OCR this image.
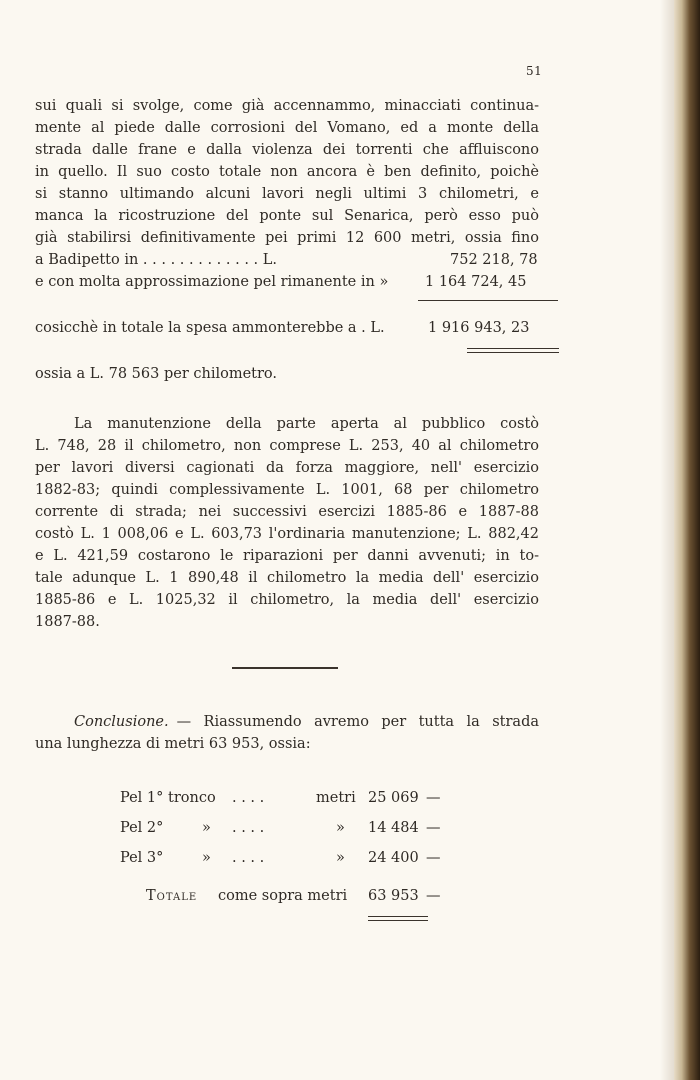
51

sui quali si svolge, come già accennammo, minacciati continua-

mente al piede dalle corrosioni del Vomano, ed a monte della

strada dalle frane e dalla violenza dei torrenti che affluiscono

in quello. Il suo costo totale non ancora è ben definito, poichè

si stanno ultimando alcuni lavori negli ultimi 3 chilometri, e

manca la ricostruzione del ponte sul Senarica, però esso può

già stabilirsi definitivamente pei primi 12 600 metri, ossia fino

a Badipetto in . . . . . . . . . . . . . L.	752 218, 78
e con molta approssimazione pel rimanente in »	1 164 724, 45
cosicchè in totale la spesa ammonterebbe a . L.	1 916 943, 23
ossia a L. 78 563 per chilometro.

La manutenzione della parte aperta al pubblico costò

L. 748, 28 il chilometro, non comprese L. 253, 40 al chilometro

per lavori diversi cagionati da forza maggiore, nell' esercizio

1882-83; quindi complessivamente L. 1001, 68 per chilometro

corrente di strada; nei successivi esercizi 1885-86 e 1887-88

costò L. 1 008,06 e L. 603,73 l'ordinaria manutenzione; L. 882,42

e L. 421,59 costarono le riparazioni per danni avvenuti; in to-

tale adunque L. 1 890,48 il chilometro la media dell' esercizio

1885-86 e L. 1025,32 il chilometro, la media dell' esercizio

1887-88.

Conclusione. — Riassumendo avremo per tutta la strada
una lunghezza di metri 63 953, ossia:
Pel 1° tronco . . . .	metri 25 069 —
Pel 2°	» . . . .	» 14 484 —
Pel 3°	» . . . .	» 24 400 —
Totale come sopra metri 63 953 —
